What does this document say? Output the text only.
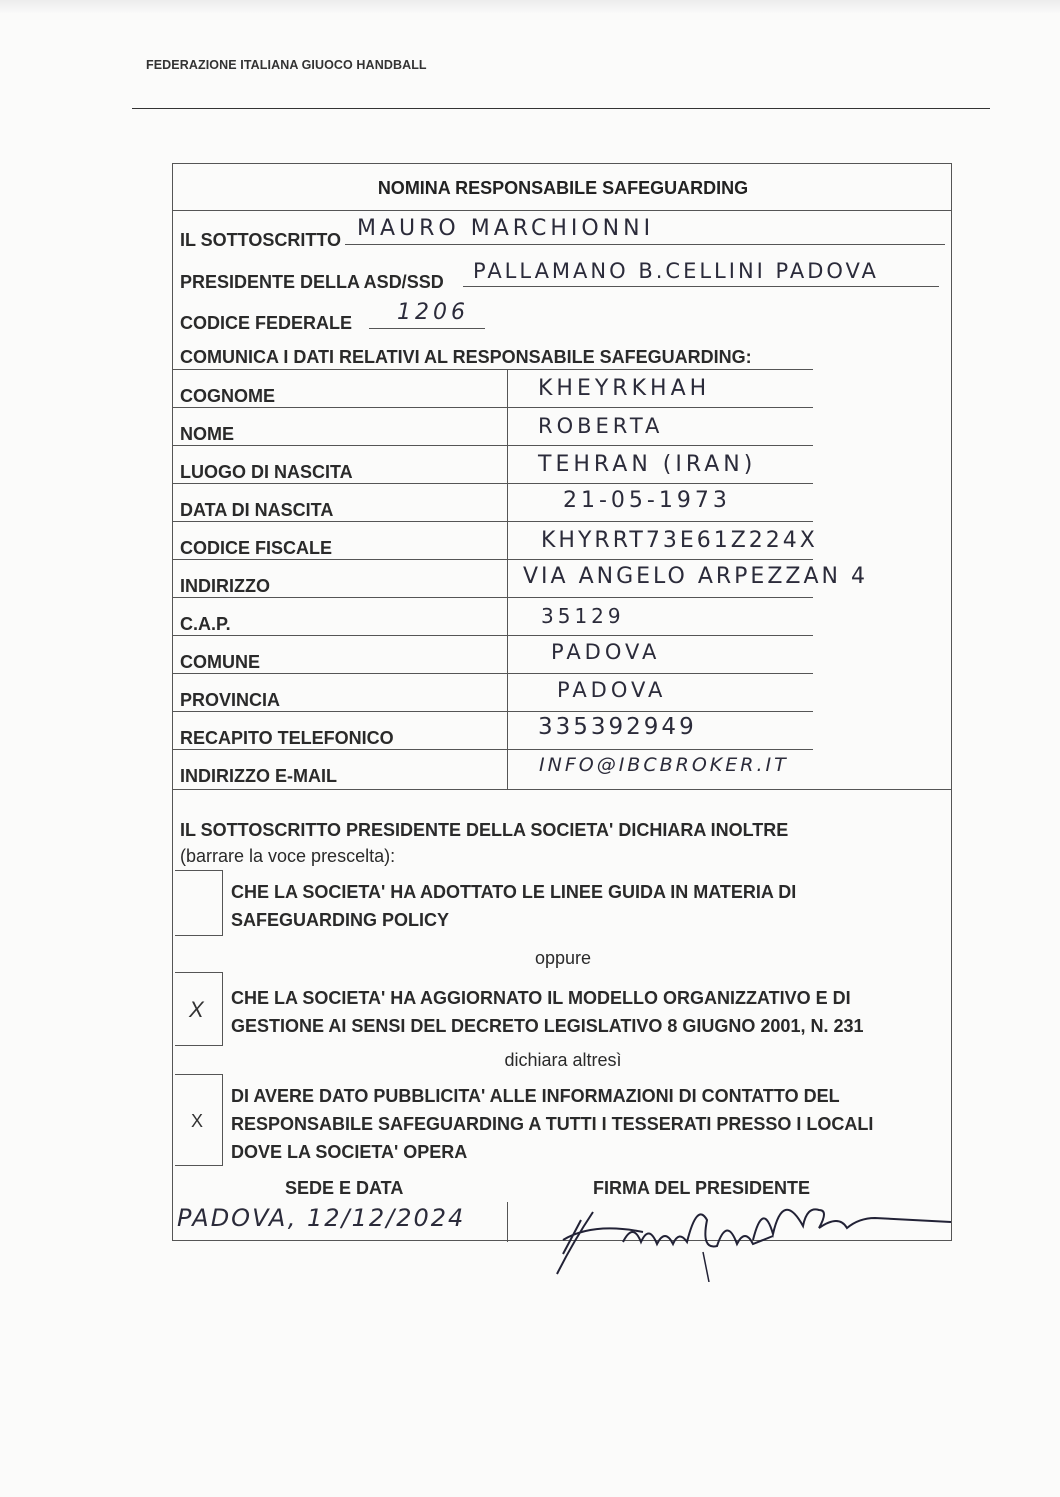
FEDERAZIONE ITALIANA GIUOCO HANDBALL
NOMINA RESPONSABILE SAFEGUARDING
IL SOTTOSCRITTO MAURO MARCHIONNI
PRESIDENTE DELLA ASD/SSD PALLAMANO B.CELLINI PADOVA
CODICE FEDERALE 1206
COMUNICA I DATI RELATIVI AL RESPONSABILE SAFEGUARDING:
COGNOME	KHEYRKHAH
NOME	ROBERTA
LUOGO DI NASCITA	TEHRAN (IRAN)
DATA DI NASCITA	21-05-1973
CODICE FISCALE	KHYRRT73E61Z224X
INDIRIZZO	VIA ANGELO ARPEZZAN 4
C.A.P.	35129
COMUNE	PADOVA
PROVINCIA	PADOVA
RECAPITO TELEFONICO	335392949
INDIRIZZO E-MAIL	INFO@IBCBROKER.IT
IL SOTTOSCRITTO PRESIDENTE DELLA SOCIETA' DICHIARA INOLTRE
(barrare la voce prescelta):
CHE LA SOCIETA' HA ADOTTATO LE LINEE GUIDA IN MATERIA DI
SAFEGUARDING POLICY
oppure
X CHE LA SOCIETA' HA AGGIORNATO IL MODELLO ORGANIZZATIVO E DI
GESTIONE AI SENSI DEL DECRETO LEGISLATIVO 8 GIUGNO 2001, N. 231
dichiara altresì
X
DI AVERE DATO PUBBLICITA' ALLE INFORMAZIONI DI CONTATTO DEL
RESPONSABILE SAFEGUARDING A TUTTI I TESSERATI PRESSO I LOCALI
DOVE LA SOCIETA' OPERA
SEDE E DATA
PADOVA, 12/12/2024
FIRMA DEL PRESIDENTE
